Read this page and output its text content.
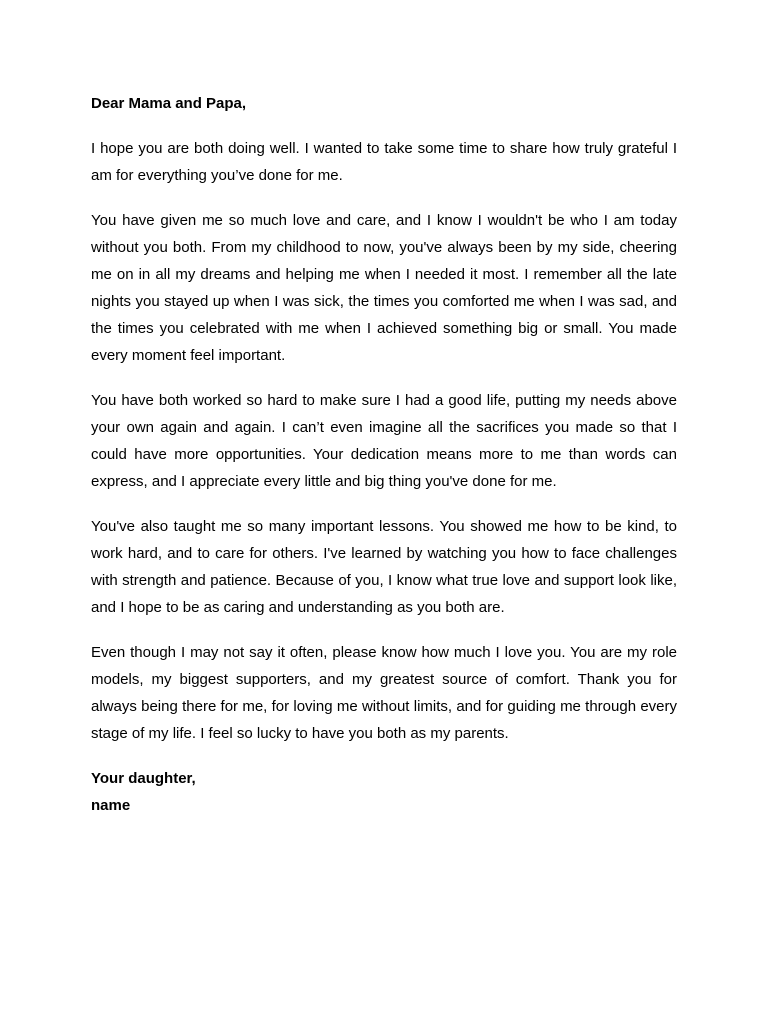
Dear Mama and Papa,

I hope you are both doing well. I wanted to take some time to share how truly grateful I am for everything you’ve done for me.

You have given me so much love and care, and I know I wouldn't be who I am today without you both. From my childhood to now, you've always been by my side, cheering me on in all my dreams and helping me when I needed it most. I remember all the late nights you stayed up when I was sick, the times you comforted me when I was sad, and the times you celebrated with me when I achieved something big or small. You made every moment feel important.

You have both worked so hard to make sure I had a good life, putting my needs above your own again and again. I can’t even imagine all the sacrifices you made so that I could have more opportunities. Your dedication means more to me than words can express, and I appreciate every little and big thing you've done for me.

You've also taught me so many important lessons. You showed me how to be kind, to work hard, and to care for others. I've learned by watching you how to face challenges with strength and patience. Because of you, I know what true love and support look like, and I hope to be as caring and understanding as you both are.

Even though I may not say it often, please know how much I love you. You are my role models, my biggest supporters, and my greatest source of comfort. Thank you for always being there for me, for loving me without limits, and for guiding me through every stage of my life. I feel so lucky to have you both as my parents.

Your daughter,

name
